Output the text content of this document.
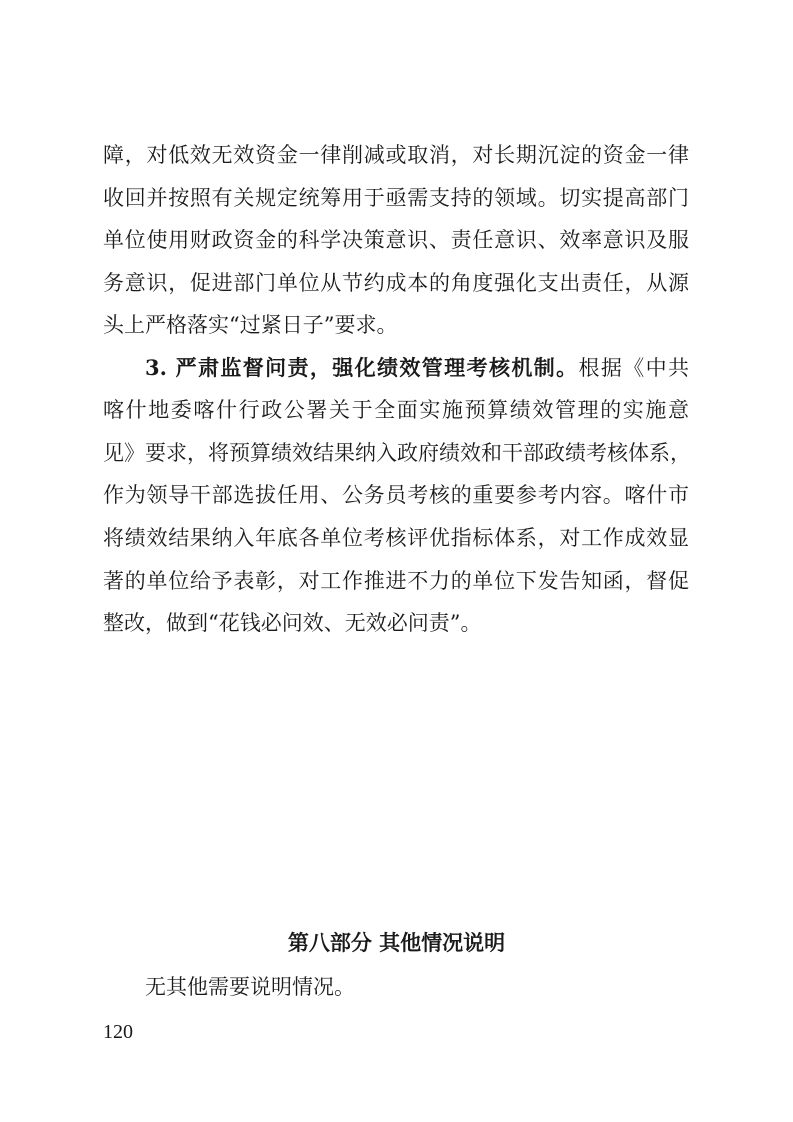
障，对低效无效资金一律削减或取消，对长期沉淀的资金一律
收回并按照有关规定统筹用于亟需支持的领域。切实提高部门
单位使用财政资金的科学决策意识、责任意识、效率意识及服
务意识，促进部门单位从节约成本的角度强化支出责任，从源
头上严格落实“过紧日子”要求。
3. 严肃监督问责，强化绩效管理考核机制。根据《中共
喀什地委喀什行政公署关于全面实施预算绩效管理的实施意
见》要求，将预算绩效结果纳入政府绩效和干部政绩考核体系，
作为领导干部选拔任用、公务员考核的重要参考内容。喀什市
将绩效结果纳入年底各单位考核评优指标体系，对工作成效显
著的单位给予表彰，对工作推进不力的单位下发告知函，督促
整改，做到“花钱必问效、无效必问责”。
第八部分 其他情况说明
无其他需要说明情况。
120
